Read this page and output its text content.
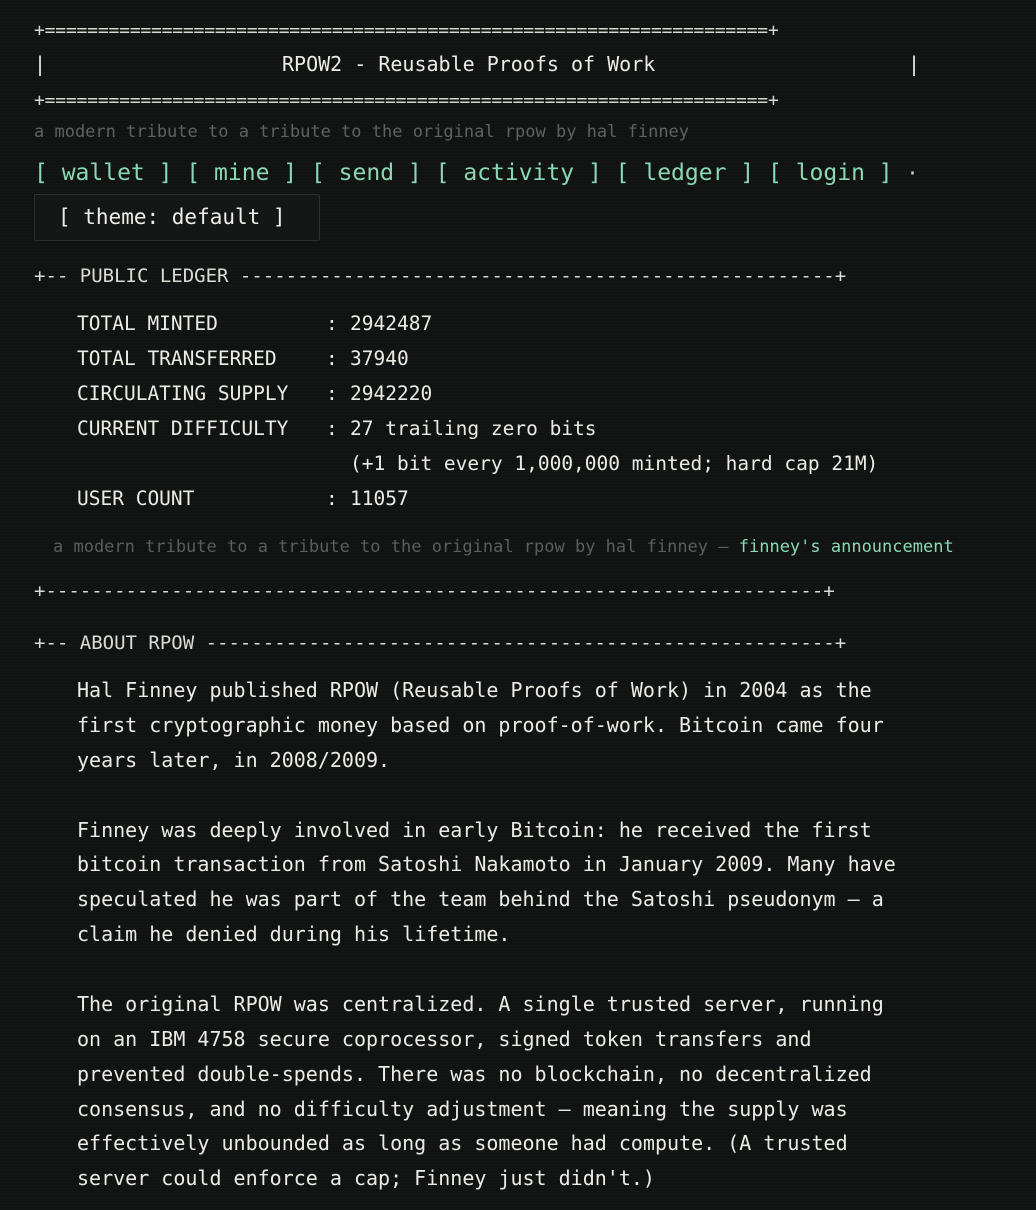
+====================================================================+

|

	RPOW2 - Reusable Proofs of Work

	|

+====================================================================+
a modern tribute to a tribute to the original rpow by hal finney
[ wallet ] [ mine ] [ send ] [ activity ] [ ledger ] [ login ] ·
[ theme: default ]
+-- PUBLIC LEDGER ----------------------------------------------------+
TOTAL MINTED	: 2942487
TOTAL TRANSFERRED	: 37940
CIRCULATING SUPPLY : 2942220
CURRENT DIFFICULTY : 27 trailing zero bits
(+1 bit every 1,000,000 minted; hard cap 21M)
USER COUNT	: 11057
a modern tribute to a tribute to the original rpow by hal finney — finney's announcement
+--------------------------------------------------------------------+
+-- ABOUT RPOW -------------------------------------------------------+
Hal Finney published RPOW (Reusable Proofs of Work) in 2004 as the
first cryptographic money based on proof-of-work. Bitcoin came four
years later, in 2008/2009.
Finney was deeply involved in early Bitcoin: he received the first
bitcoin transaction from Satoshi Nakamoto in January 2009. Many have
speculated he was part of the team behind the Satoshi pseudonym — a
claim he denied during his lifetime.
The original RPOW was centralized. A single trusted server, running
on an IBM 4758 secure coprocessor, signed token transfers and
prevented double-spends. There was no blockchain, no decentralized
consensus, and no difficulty adjustment — meaning the supply was
effectively unbounded as long as someone had compute. (A trusted
server could enforce a cap; Finney just didn't.)
